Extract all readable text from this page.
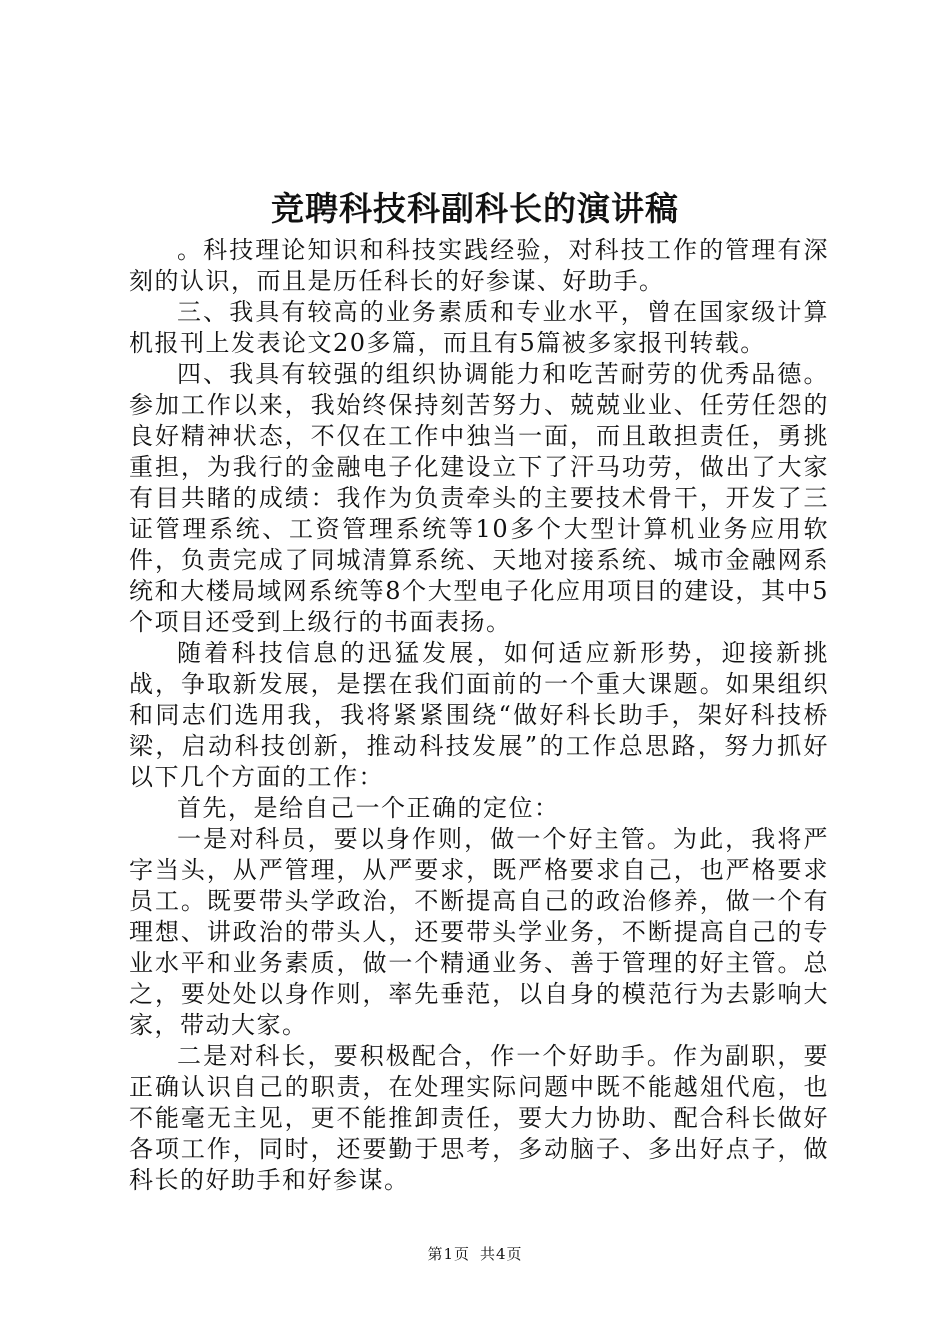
竞聘科技科副科长的演讲稿

。科技理论知识和科技实践经验，对科技工作的管理有深刻的认识，而且是历任科长的好参谋、好助手。

三、我具有较高的业务素质和专业水平，曾在国家级计算机报刊上发表论文20多篇，而且有5篇被多家报刊转载。

四、我具有较强的组织协调能力和吃苦耐劳的优秀品德。参加工作以来，我始终保持刻苦努力、兢兢业业、任劳任怨的良好精神状态，不仅在工作中独当一面，而且敢担责任，勇挑重担，为我行的金融电子化建设立下了汗马功劳，做出了大家有目共睹的成绩：我作为负责牵头的主要技术骨干，开发了三证管理系统、工资管理系统等10多个大型计算机业务应用软件，负责完成了同城清算系统、天地对接系统、城市金融网系统和大楼局域网系统等8个大型电子化应用项目的建设，其中5个项目还受到上级行的书面表扬。

随着科技信息的迅猛发展，如何适应新形势，迎接新挑战，争取新发展，是摆在我们面前的一个重大课题。如果组织和同志们选用我，我将紧紧围绕“做好科长助手，架好科技桥梁，启动科技创新，推动科技发展”的工作总思路，努力抓好以下几个方面的工作：

首先，是给自己一个正确的定位：

一是对科员，要以身作则，做一个好主管。为此，我将严字当头，从严管理，从严要求，既严格要求自己，也严格要求员工。既要带头学政治，不断提高自己的政治修养，做一个有理想、讲政治的带头人，还要带头学业务，不断提高自己的专业水平和业务素质，做一个精通业务、善于管理的好主管。总之，要处处以身作则，率先垂范，以自身的模范行为去影响大家，带动大家。

二是对科长，要积极配合，作一个好助手。作为副职，要正确认识自己的职责，在处理实际问题中既不能越俎代庖，也不能毫无主见，更不能推卸责任，要大力协助、配合科长做好各项工作，同时，还要勤于思考，多动脑子、多出好点子，做科长的好助手和好参谋。

第1页 共4页
